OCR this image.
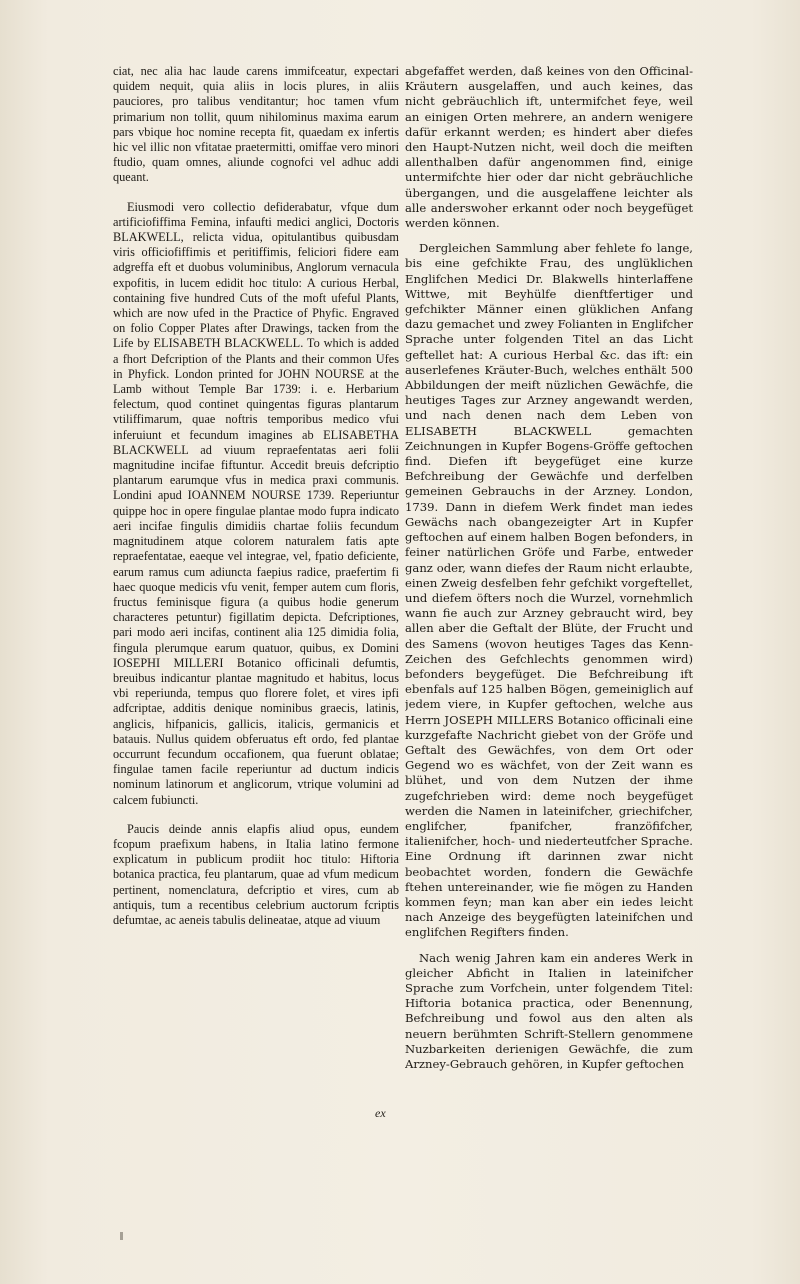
ciat, nec alia hac laude carens immifceatur, expectari quidem nequit, quia aliis in locis plures, in aliis pauciores, pro talibus venditantur; hoc tamen vfum primarium non tollit, quum nihilominus maxima earum pars vbique hoc nomine recepta fit, quaedam ex infertis hic vel illic non vfitatae praetermitti, omiffae vero minori ftudio, quam omnes, aliunde cognofci vel adhuc addi queant.

Eiusmodi vero collectio defiderabatur, vfque dum artificiofiffima Femina, infaufti medici anglici, Doctoris BLAKWELL, relicta vidua, opitulantibus quibusdam viris officiofiffimis et peritiffimis, feliciori fidere eam adgreffa eft et duobus voluminibus, Anglorum vernacula expofitis, in lucem edidit hoc titulo: A curious Herbal, containing five hundred Cuts of the moft ufeful Plants, which are now ufed in the Practice of Phyfic. Engraved on folio Copper Plates after Drawings, tacken from the Life by ELISABETH BLACKWELL. To which is added a fhort Defcription of the Plants and their common Ufes in Phyfick. London printed for JOHN NOURSE at the Lamb without Temple Bar 1739: i. e. Herbarium felectum, quod continet quingentas figuras plantarum vtiliffimarum, quae noftris temporibus medico vfui inferuiunt et fecundum imagines ab ELISABETHA BLACKWELL ad viuum repraefentatas aeri folii magnitudine incifae fiftuntur. Accedit breuis defcriptio plantarum earumque vfus in medica praxi communis. Londini apud IOANNEM NOURSE 1739. Reperiuntur quippe hoc in opere fingulae plantae modo fupra indicato aeri incifae fingulis dimidiis chartae foliis fecundum magnitudinem atque colorem naturalem fatis apte repraefentatae, eaeque vel integrae, vel, fpatio deficiente, earum ramus cum adiuncta faepius radice, praefertim fi haec quoque medicis vfu venit, femper autem cum floris, fructus feminisque figura (a quibus hodie generum characteres petuntur) figillatim depicta. Defcriptiones, pari modo aeri incifas, continent alia 125 dimidia folia, fingula plerumque earum quatuor, quibus, ex Domini IOSEPHI MILLERI Botanico officinali defumtis, breuibus indicantur plantae magnitudo et habitus, locus vbi reperiunda, tempus quo florere folet, et vires ipfi adfcriptae, additis denique nominibus graecis, latinis, anglicis, hifpanicis, gallicis, italicis, germanicis et batauis. Nullus quidem obferuatus eft ordo, fed plantae occurrunt fecundum occafionem, qua fuerunt oblatae; fingulae tamen facile reperiuntur ad ductum indicis nominum latinorum et anglicorum, vtrique volumini ad calcem fubiuncti.

Paucis deinde annis elapfis aliud opus, eundem fcopum praefixum habens, in Italia latino fermone explicatum in publicum prodiit hoc titulo: Hiftoria botanica practica, feu plantarum, quae ad vfum medicum pertinent, nomenclatura, defcriptio et vires, cum ab antiquis, tum a recentibus celebrium auctorum fcriptis defumtae, ac aeneis tabulis delineatae, atque ad viuum

ex

abgefaffet werden, daß keines von den Officinal-Kräutern ausgelaffen, und auch keines, das nicht gebräuchlich ift, untermifchet feye, weil an einigen Orten mehrere, an andern wenigere dafür erkannt werden; es hindert aber diefes den Haupt-Nutzen nicht, weil doch die meiften allenthalben dafür angenommen find, einige untermifchte hier oder dar nicht gebräuchliche übergangen, und die ausgelaffene leichter als alle anderswoher erkannt oder noch beygefüget werden können.

Dergleichen Sammlung aber fehlete fo lange, bis eine gefchikte Frau, des unglüklichen Englifchen Medici Dr. Blakwells hinterlaffene Wittwe, mit Beyhülfe dienftfertiger und gefchikter Männer einen glüklichen Anfang dazu gemachet und zwey Folianten in Englifcher Sprache unter folgenden Titel an das Licht geftellet hat: A curious Herbal &c. das ift: ein auserlefenes Kräuter-Buch, welches enthält 500 Abbildungen der meift nüzlichen Gewächfe, die heutiges Tages zur Arzney angewandt werden, und nach denen nach dem Leben von ELISABETH BLACKWELL gemachten Zeichnungen in Kupfer Bogens-Gröffe geftochen find. Diefen ift beygefüget eine kurze Befchreibung der Gewächfe und derfelben gemeinen Gebrauchs in der Arzney. London, 1739. Dann in diefem Werk findet man iedes Gewächs nach obangezeigter Art in Kupfer geftochen auf einem halben Bogen befonders, in feiner natürlichen Gröfe und Farbe, entweder ganz oder, wann diefes der Raum nicht erlaubte, einen Zweig desfelben fehr gefchikt vorgeftellet, und diefem öfters noch die Wurzel, vornehmlich wann fie auch zur Arzney gebraucht wird, bey allen aber die Geftalt der Blüte, der Frucht und des Samens (wovon heutiges Tages das Kenn-Zeichen des Gefchlechts genommen wird) befonders beygefüget. Die Befchreibung ift ebenfals auf 125 halben Bögen, gemeiniglich auf jedem viere, in Kupfer geftochen, welche aus Herrn JOSEPH MILLERS Botanico officinali eine kurzgefafte Nachricht giebet von der Gröfe und Geftalt des Gewächfes, von dem Ort oder Gegend wo es wächfet, von der Zeit wann es blühet, und von dem Nutzen der ihme zugefchrieben wird: deme noch beygefüget werden die Namen in lateinifcher, griechifcher, englifcher, fpanifcher, franzöfifcher, italienifcher, hoch- und niederteutfcher Sprache. Eine Ordnung ift darinnen zwar nicht beobachtet worden, fondern die Gewächfe ftehen untereinander, wie fie mögen zu Handen kommen feyn; man kan aber ein iedes leicht nach Anzeige des beygefügten lateinifchen und englifchen Regifters finden.

Nach wenig Jahren kam ein anderes Werk in gleicher Abficht in Italien in lateinifcher Sprache zum Vorfchein, unter folgendem Titel: Hiftoria botanica practica, oder Benennung, Befchreibung und fowol aus den alten als neuern berühmten Schrift-Stellern genommene Nuzbarkeiten derienigen Gewächfe, die zum Arzney-Gebrauch gehören, in Kupfer geftochen
